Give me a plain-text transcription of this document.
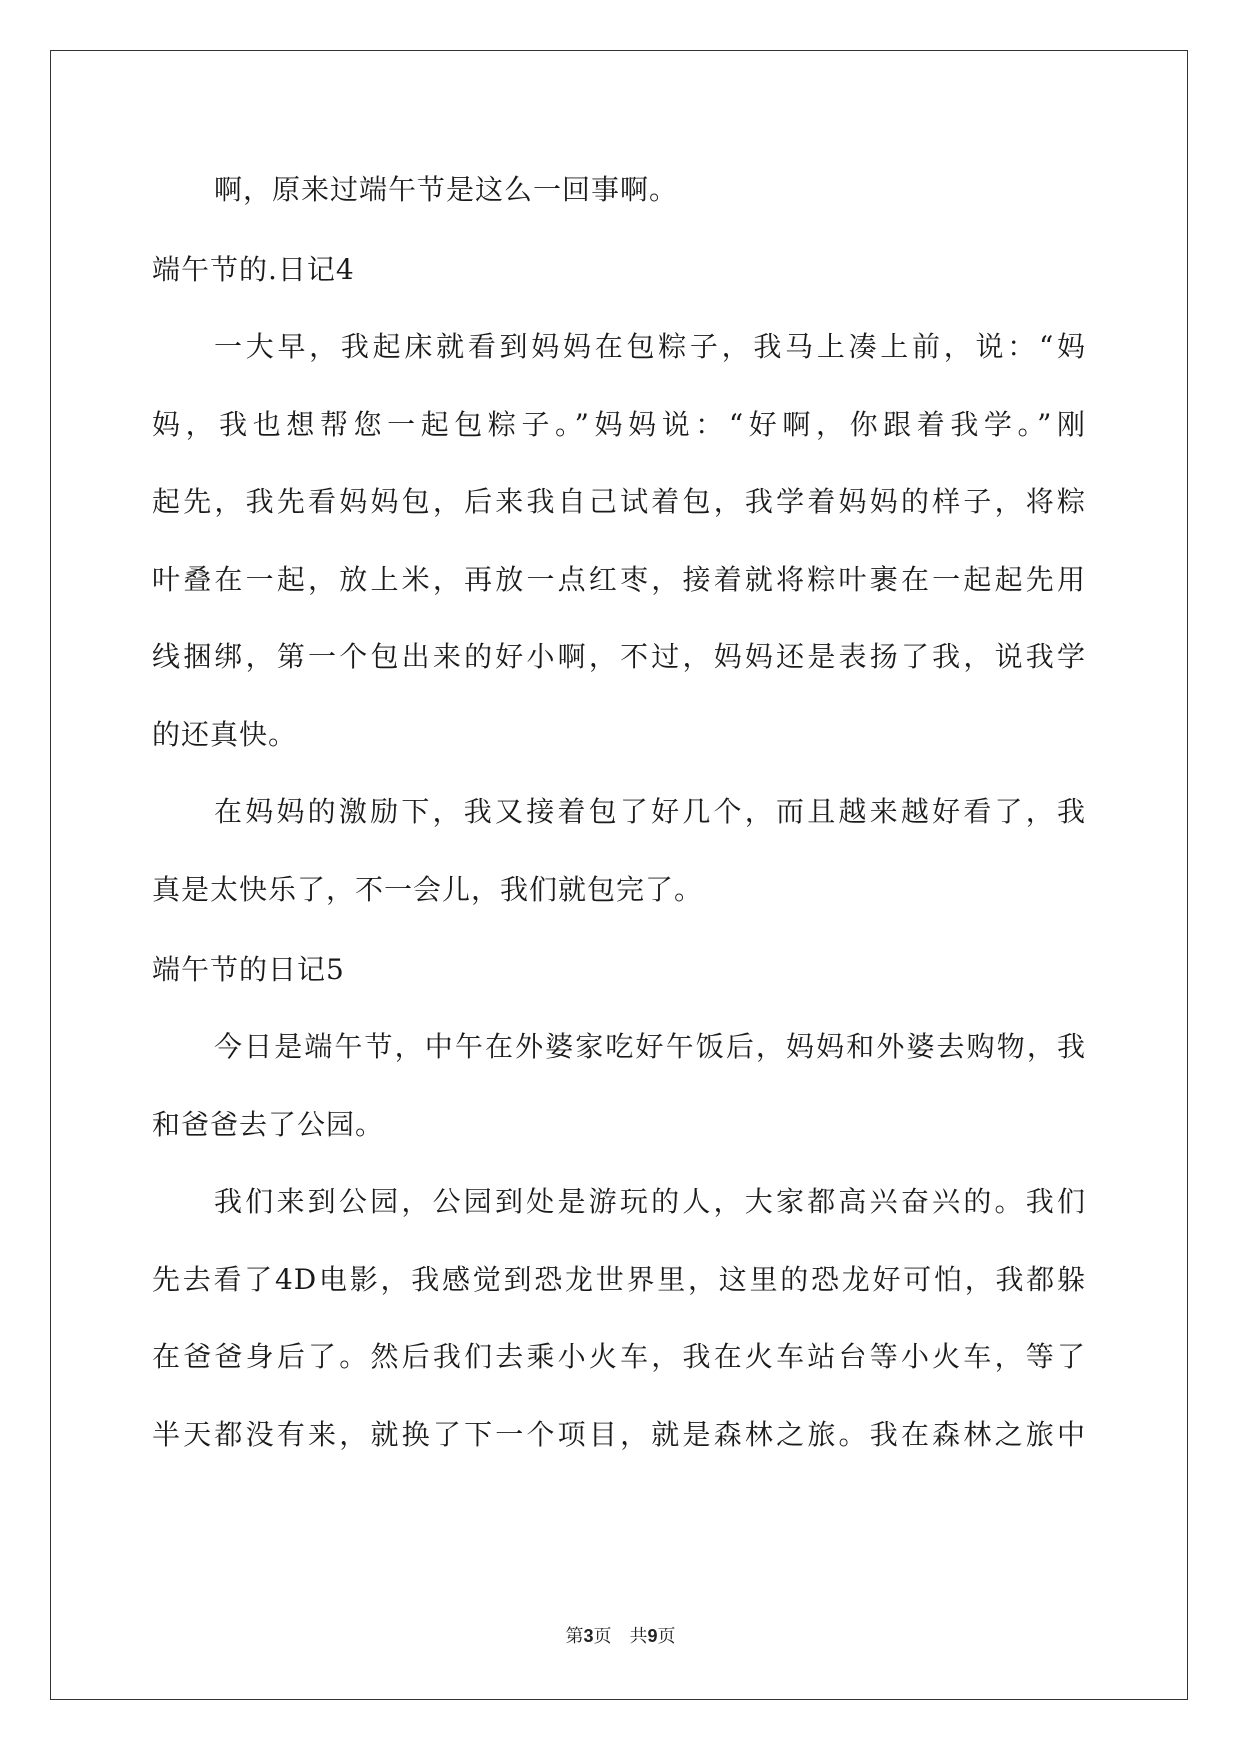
啊，原来过端午节是这么一回事啊。
端午节的.日记4
一大早，我起床就看到妈妈在包粽子，我马上凑上前，说：“妈
妈，我也想帮您一起包粽子。”妈妈说：“好啊，你跟着我学。”刚
起先，我先看妈妈包，后来我自己试着包，我学着妈妈的样子，将粽
叶叠在一起，放上米，再放一点红枣，接着就将粽叶裹在一起起先用
线捆绑，第一个包出来的好小啊，不过，妈妈还是表扬了我，说我学
的还真快。
在妈妈的激励下，我又接着包了好几个，而且越来越好看了，我
真是太快乐了，不一会儿，我们就包完了。
端午节的日记5
今日是端午节，中午在外婆家吃好午饭后，妈妈和外婆去购物，我
和爸爸去了公园。
我们来到公园，公园到处是游玩的人，大家都高兴奋兴的。我们
先去看了4D电影，我感觉到恐龙世界里，这里的恐龙好可怕，我都躲
在爸爸身后了。然后我们去乘小火车，我在火车站台等小火车，等了
半天都没有来，就换了下一个项目，就是森林之旅。我在森林之旅中
第3页　共9页
